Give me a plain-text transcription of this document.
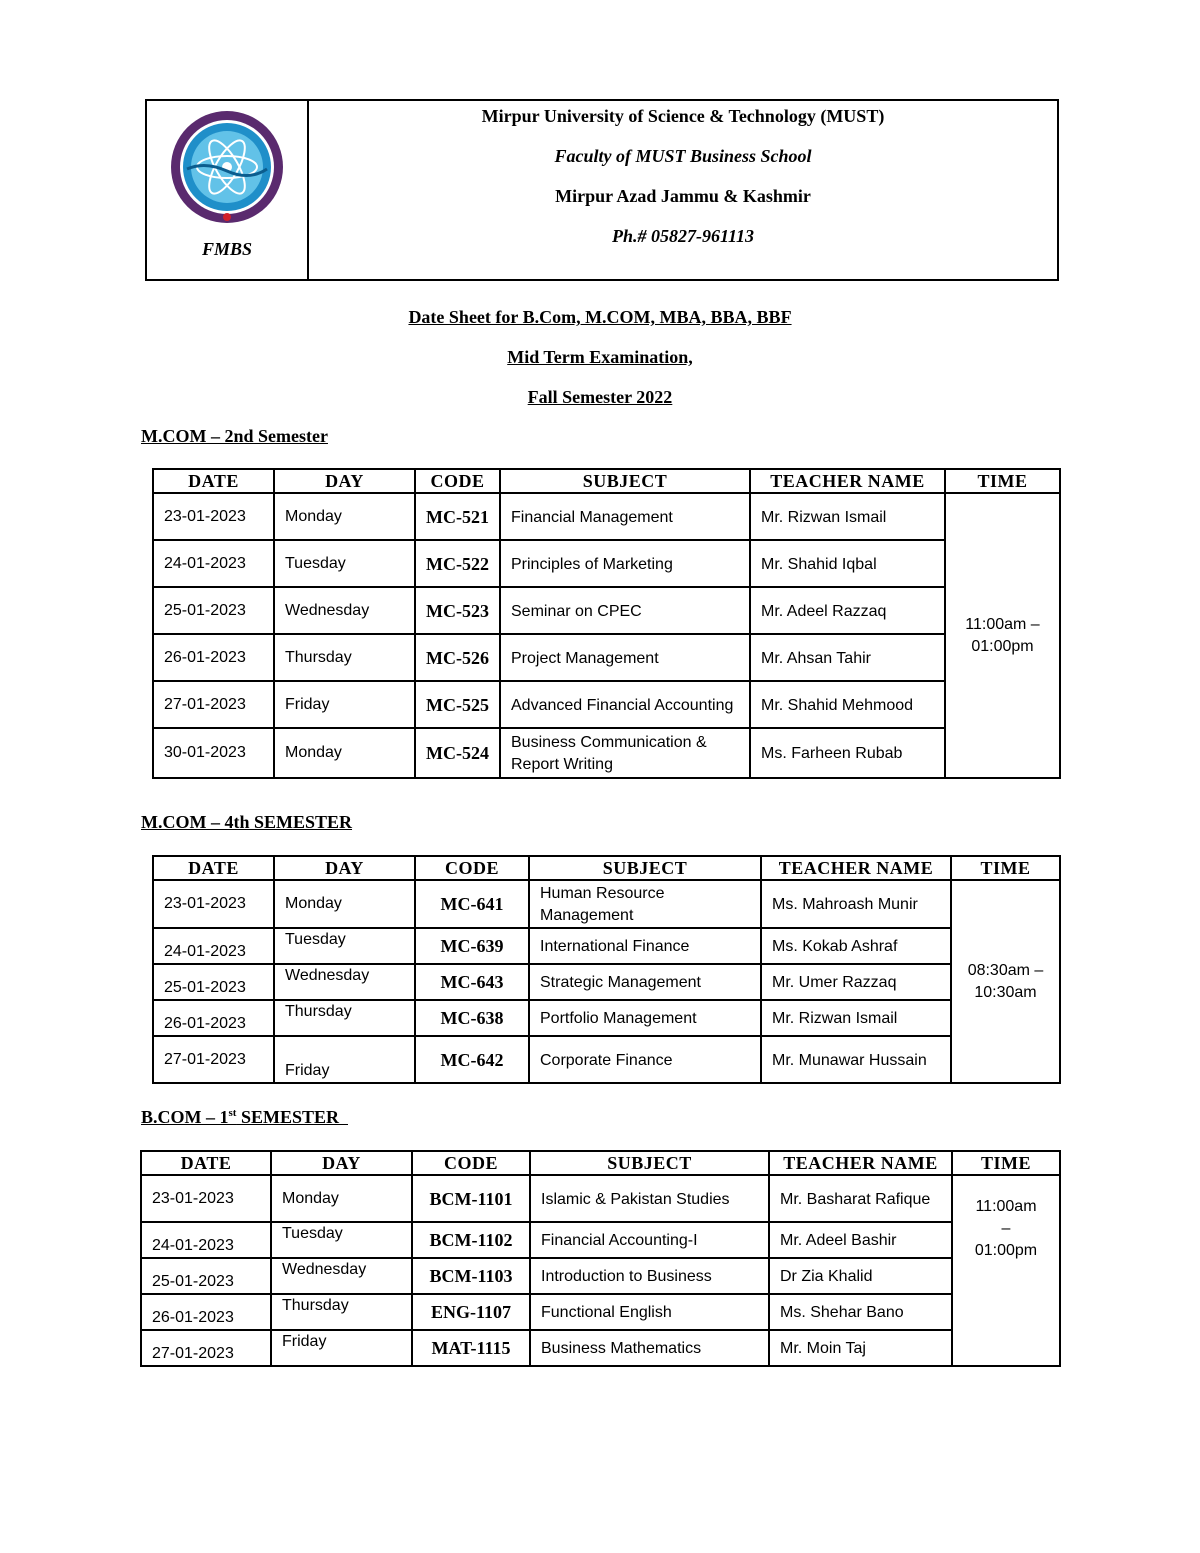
FMBS
Mirpur University of Science & Technology (MUST)
Faculty of MUST Business School
Mirpur Azad Jammu & Kashmir
Ph.# 05827-961113
Date Sheet for B.Com, M.COM, MBA, BBA, BBF
Mid Term Examination,
Fall Semester 2022
M.COM – 2nd Semester
DATE	DAY	CODE	SUBJECT	TEACHER NAME	TIME
23-01-2023	Monday	MC-521	Financial Management	Mr. Rizwan Ismail	11:00am – 01:00pm
24-01-2023	Tuesday	MC-522	Principles of Marketing	Mr. Shahid Iqbal	
25-01-2023	Wednesday	MC-523	Seminar on CPEC	Mr. Adeel Razzaq	
26-01-2023	Thursday	MC-526	Project Management	Mr. Ahsan Tahir	
27-01-2023	Friday	MC-525	Advanced Financial Accounting	Mr. Shahid Mehmood	
30-01-2023	Monday	MC-524	Business Communication & Report Writing	Ms. Farheen Rubab	
M.COM – 4th SEMESTER
DATE	DAY	CODE	SUBJECT	TEACHER NAME	TIME
23-01-2023	Monday	MC-641	Human Resource Management	Ms. Mahroash Munir	08:30am – 10:30am
24-01-2023	Tuesday	MC-639	International Finance	Ms. Kokab Ashraf	
25-01-2023	Wednesday	MC-643	Strategic Management	Mr. Umer Razzaq	
26-01-2023	Thursday	MC-638	Portfolio Management	Mr. Rizwan Ismail	
27-01-2023	Friday	MC-642	Corporate Finance	Mr. Munawar Hussain	
B.COM – 1st SEMESTER
DATE	DAY	CODE	SUBJECT	TEACHER NAME	TIME
23-01-2023	Monday	BCM-1101	Islamic & Pakistan Studies	Mr. Basharat Rafique	11:00am
–
01:00pm

24-01-2023	Tuesday	BCM-1102	Financial Accounting-I	Mr. Adeel Bashir	
25-01-2023	Wednesday	BCM-1103	Introduction to Business	Dr Zia Khalid	
26-01-2023	Thursday	ENG-1107	Functional English	Ms. Shehar Bano	
27-01-2023	Friday	MAT-1115	Business Mathematics	Mr. Moin Taj	
